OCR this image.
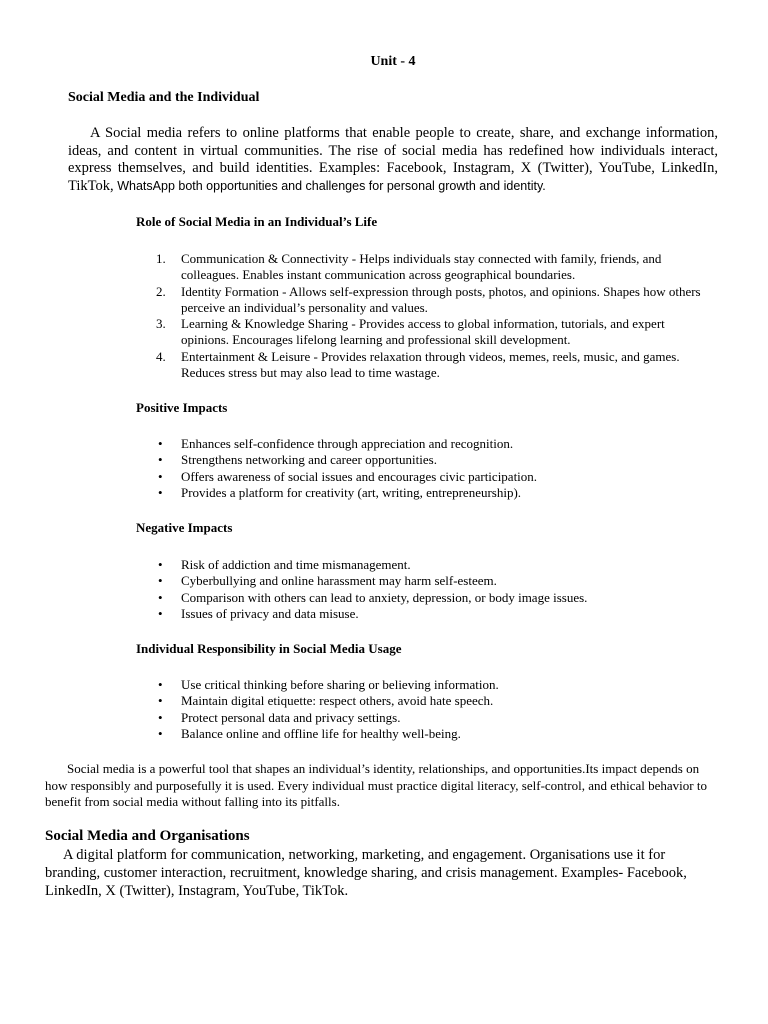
Unit - 4
Social Media and the Individual
A Social media refers to online platforms that enable people to create, share, and exchange information, ideas, and content in virtual communities. The rise of social media has redefined how individuals interact, express themselves, and build identities. Examples: Facebook, Instagram, X (Twitter), YouTube, LinkedIn, TikTok, WhatsApp both opportunities and challenges for personal growth and identity.
Role of Social Media in an Individual’s Life
1. Communication & Connectivity - Helps individuals stay connected with family, friends, and colleagues. Enables instant communication across geographical boundaries.
2. Identity Formation - Allows self-expression through posts, photos, and opinions. Shapes how others perceive an individual’s personality and values.
3. Learning & Knowledge Sharing - Provides access to global information, tutorials, and expert opinions. Encourages lifelong learning and professional skill development.
4. Entertainment & Leisure - Provides relaxation through videos, memes, reels, music, and games. Reduces stress but may also lead to time wastage.
Positive Impacts
• Enhances self-confidence through appreciation and recognition.
• Strengthens networking and career opportunities.
• Offers awareness of social issues and encourages civic participation.
• Provides a platform for creativity (art, writing, entrepreneurship).
Negative Impacts
• Risk of addiction and time mismanagement.
• Cyberbullying and online harassment may harm self-esteem.
• Comparison with others can lead to anxiety, depression, or body image issues.
• Issues of privacy and data misuse.
Individual Responsibility in Social Media Usage
• Use critical thinking before sharing or believing information.
• Maintain digital etiquette: respect others, avoid hate speech.
• Protect personal data and privacy settings.
• Balance online and offline life for healthy well-being.
Social media is a powerful tool that shapes an individual’s identity, relationships, and opportunities.Its impact depends on how responsibly and purposefully it is used. Every individual must practice digital literacy, self-control, and ethical behavior to benefit from social media without falling into its pitfalls.
Social Media and Organisations
A digital platform for communication, networking, marketing, and engagement. Organisations use it for branding, customer interaction, recruitment, knowledge sharing, and crisis management. Examples- Facebook, LinkedIn, X (Twitter), Instagram, YouTube, TikTok.
